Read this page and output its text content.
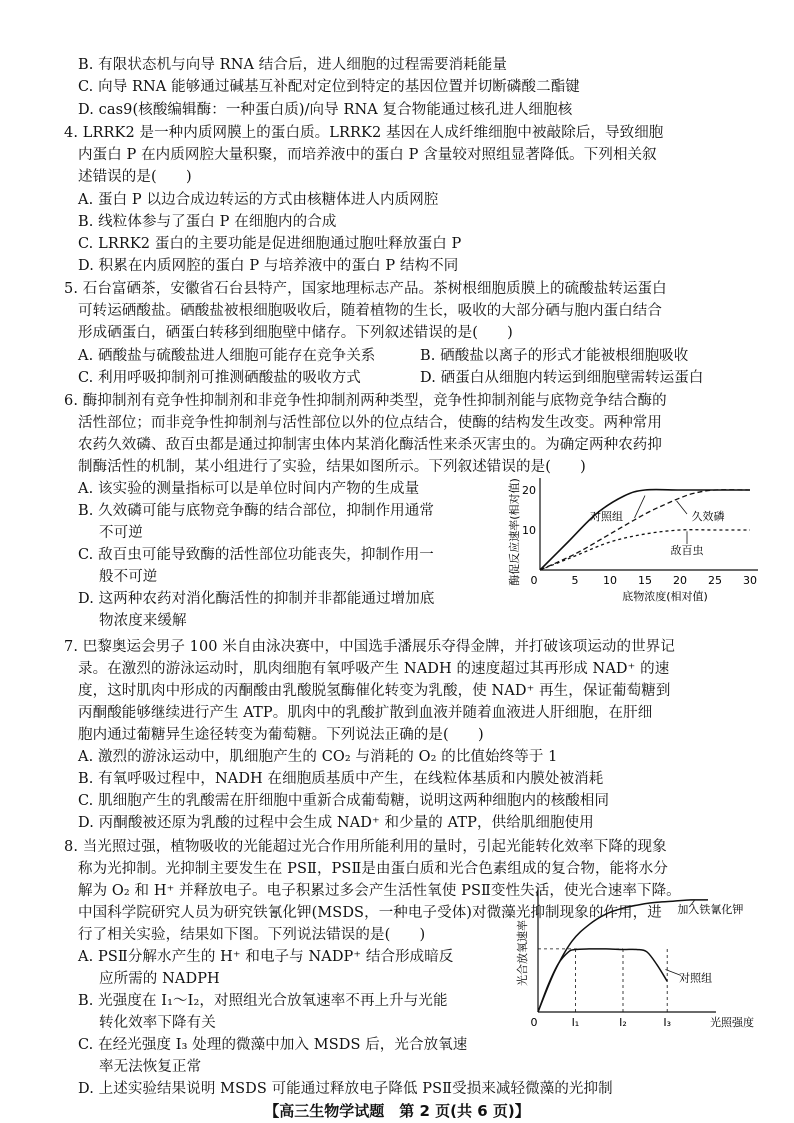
B. 有限状态机与向导 RNA 结合后，进人细胞的过程需要消耗能量
C. 向导 RNA 能够通过碱基互补配对定位到特定的基因位置并切断磷酸二酯键
D. cas9(核酸编辑酶：一种蛋白质)/向导 RNA 复合物能通过核孔进人细胞核
4. LRRK2 是一种内质网膜上的蛋白质。LRRK2 基因在人成纤维细胞中被敲除后，导致细胞
内蛋白 P 在内质网腔大量积聚，而培养液中的蛋白 P 含量较对照组显著降低。下列相关叙
述错误的是(　　)
A. 蛋白 P 以边合成边转运的方式由核糖体进人内质网腔
B. 线粒体参与了蛋白 P 在细胞内的合成
C. LRRK2 蛋白的主要功能是促进细胞通过胞吐释放蛋白 P
D. 积累在内质网腔的蛋白 P 与培养液中的蛋白 P 结构不同
5. 石台富硒茶，安徽省石台县特产，国家地理标志产品。茶树根细胞质膜上的硫酸盐转运蛋白
可转运硒酸盐。硒酸盐被根细胞吸收后，随着植物的生长，吸收的大部分硒与胞内蛋白结合
形成硒蛋白，硒蛋白转移到细胞壁中储存。下列叙述错误的是(　　)
A. 硒酸盐与硫酸盐进人细胞可能存在竞争关系	B. 硒酸盐以离子的形式才能被根细胞吸收
C. 利用呼吸抑制剂可推测硒酸盐的吸收方式	D. 硒蛋白从细胞内转运到细胞壁需转运蛋白
6. 酶抑制剂有竞争性抑制剂和非竞争性抑制剂两种类型，竞争性抑制剂能与底物竞争结合酶的
活性部位；而非竞争性抑制剂与活性部位以外的位点结合，使酶的结构发生改变。两种常用
农药久效磷、敌百虫都是通过抑制害虫体内某消化酶活性来杀灭害虫的。为确定两种农药抑
制酶活性的机制，某小组进行了实验，结果如图所示。下列叙述错误的是(　　)
A. 该实验的测量指标可以是单位时间内产物的生成量
B. 久效磷可能与底物竞争酶的结合部位，抑制作用通常
不可逆
C. 敌百虫可能导致酶的活性部位功能丧失，抑制作用一
般不可逆
D. 这两种农药对消化酶活性的抑制并非都能通过增加底
物浓度来缓解
0	5 10 15 20 25 30
10
20
底物浓度(相对值)
酶促反应速率(相对值)	对照组	久效磷
敌百虫
7. 巴黎奥运会男子 100 米自由泳决赛中，中国选手潘展乐夺得金牌，并打破该项运动的世界记
录。在激烈的游泳运动时，肌肉细胞有氧呼吸产生 NADH 的速度超过其再形成 NAD⁺ 的速
度，这时肌肉中形成的丙酮酸由乳酸脱氢酶催化转变为乳酸，使 NAD⁺ 再生，保证葡萄糖到
丙酮酸能够继续进行产生 ATP。肌肉中的乳酸扩散到血液并随着血液进人肝细胞，在肝细
胞内通过葡糖异生途径转变为葡萄糖。下列说法正确的是(　　)
A. 激烈的游泳运动中，肌细胞产生的 CO₂ 与消耗的 O₂ 的比值始终等于 1
B. 有氧呼吸过程中，NADH 在细胞质基质中产生，在线粒体基质和内膜处被消耗
C. 肌细胞产生的乳酸需在肝细胞中重新合成葡萄糖，说明这两种细胞内的核酸相同
D. 丙酮酸被还原为乳酸的过程中会生成 NAD⁺ 和少量的 ATP，供给肌细胞使用
8. 当光照过强，植物吸收的光能超过光合作用所能利用的量时，引起光能转化效率下降的现象
称为光抑制。光抑制主要发生在 PSⅡ，PSⅡ是由蛋白质和光合色素组成的复合物，能将水分
解为 O₂ 和 H⁺ 并释放电子。电子积累过多会产生活性氧使 PSⅡ变性失活，使光合速率下降。
中国科学院研究人员为研究铁氰化钾(MSDS，一种电子受体)对微藻光抑制现象的作用，进
行了相关实验，结果如下图。下列说法错误的是(　　)
A. PSⅡ分解水产生的 H⁺ 和电子与 NADP⁺ 结合形成暗反
应所需的 NADPH
B. 光强度在 I₁～I₂，对照组光合放氧速率不再上升与光能
转化效率下降有关
C. 在经光强度 I₃ 处理的微藻中加入 MSDS 后，光合放氧速
率无法恢复正常
D. 上述实验结果说明 MSDS 可能通过释放电子降低 PSⅡ受损来减轻微藻的光抑制
0	I₁	I₂	I₃	光照强度
光合放氧速率
加入铁氰化钾
对照组
【高三生物学试题　第 2 页(共 6 页)】
